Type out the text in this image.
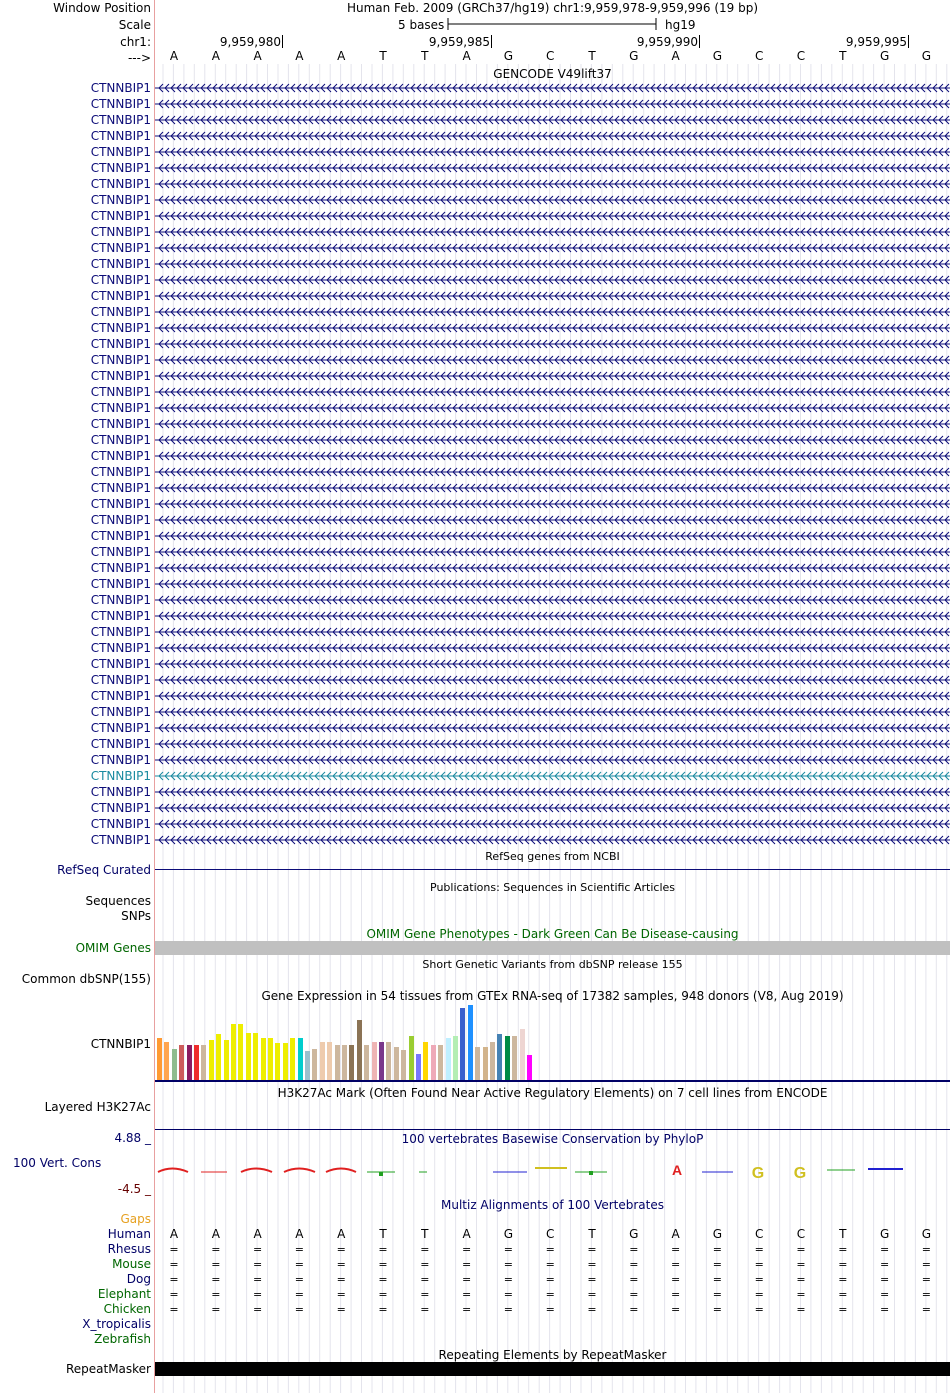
Window Position
Scale
chr1:
--->
CTNNBIP1
CTNNBIP1
CTNNBIP1
CTNNBIP1
CTNNBIP1
CTNNBIP1
CTNNBIP1
CTNNBIP1
CTNNBIP1
CTNNBIP1
CTNNBIP1
CTNNBIP1
CTNNBIP1
CTNNBIP1
CTNNBIP1
CTNNBIP1
CTNNBIP1
CTNNBIP1
CTNNBIP1
CTNNBIP1
CTNNBIP1
CTNNBIP1
CTNNBIP1
CTNNBIP1
CTNNBIP1
CTNNBIP1
CTNNBIP1
CTNNBIP1
CTNNBIP1
CTNNBIP1
CTNNBIP1
CTNNBIP1
CTNNBIP1
CTNNBIP1
CTNNBIP1
CTNNBIP1
CTNNBIP1
CTNNBIP1
CTNNBIP1
CTNNBIP1
CTNNBIP1
CTNNBIP1
CTNNBIP1
CTNNBIP1
CTNNBIP1
CTNNBIP1
CTNNBIP1
CTNNBIP1
RefSeq Curated
Sequences
SNPs
OMIM Genes
Common dbSNP(155)
CTNNBIP1
Layered H3K27Ac
4.88 _
100 Vert. Cons
-4.5 _
Gaps
Human
Rhesus
Mouse
Dog
Elephant
Chicken
X_tropicalis
Zebrafish
RepeatMasker
Human Feb. 2009 (GRCh37/hg19) chr1:9,959,978-9,959,996 (19 bp)
5 bases	hg19
9,959,980	9,959,985	9,959,990	9,959,995
A	A	A	A	A	T	T	A	G	C	T	G	A	G	C	C	T	G	G
GENCODE V49lift37
RefSeq genes from NCBI
Publications: Sequences in Scientific Articles
OMIM Gene Phenotypes - Dark Green Can Be Disease-causing
Short Genetic Variants from dbSNP release 155
Gene Expression in 54 tissues from GTEx RNA-seq of 17382 samples, 948 donors (V8, Aug 2019)
H3K27Ac Mark (Often Found Near Active Regulatory Elements) on 7 cell lines from ENCODE
100 vertebrates Basewise Conservation by PhyloP
A	G G
Multiz Alignments of 100 Vertebrates
A	A	A	A	A	T	T	A	G	C	T	G	A	G	C	C	T	G	G
=	=	=	=	=	=	=	=	=	=	=	=	=	=	=	=	=	=	=
=	=	=	=	=	=	=	=	=	=	=	=	=	=	=	=	=	=	=
=	=	=	=	=	=	=	=	=	=	=	=	=	=	=	=	=	=	=
=	=	=	=	=	=	=	=	=	=	=	=	=	=	=	=	=	=	=
=	=	=	=	=	=	=	=	=	=	=	=	=	=	=	=	=	=	=
Repeating Elements by RepeatMasker
